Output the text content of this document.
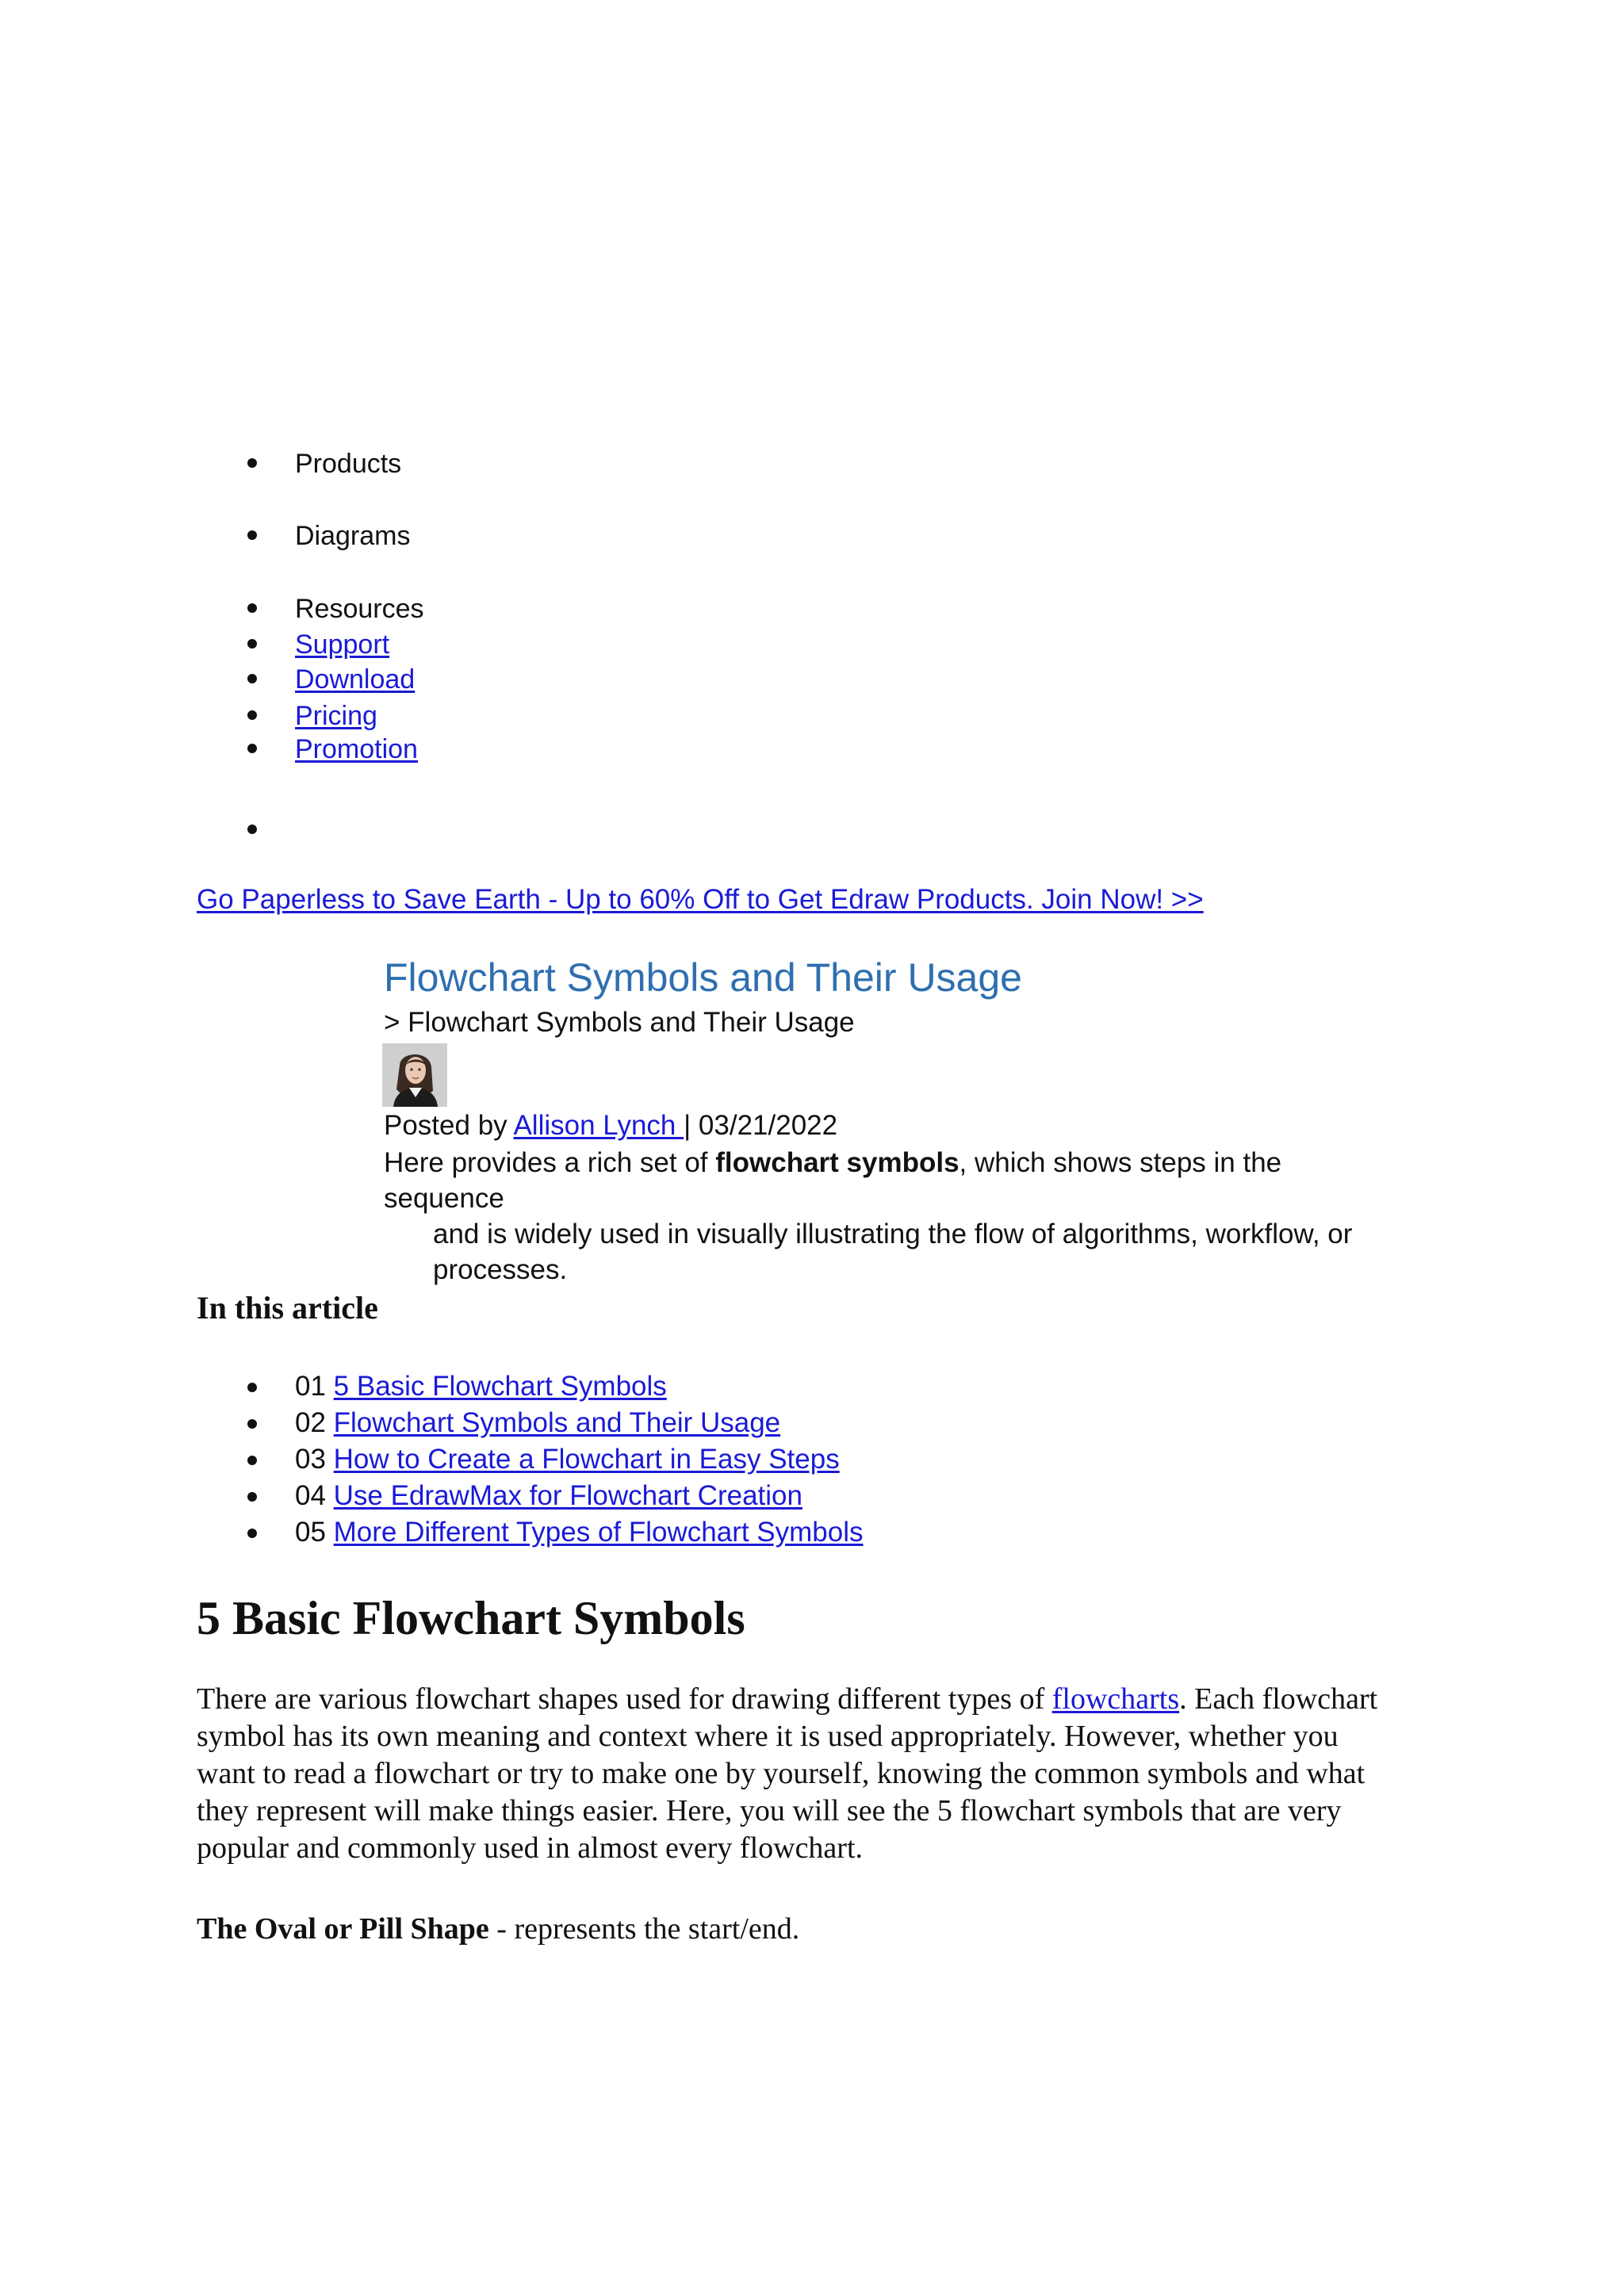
Products
Diagrams
Resources
Support
Download
Pricing
Promotion
Go Paperless to Save Earth - Up to 60% Off to Get Edraw Products. Join Now! >>
Flowchart Symbols and Their Usage
> Flowchart Symbols and Their Usage
Posted by Allison Lynch | 03/21/2022
Here provides a rich set of flowchart symbols, which shows steps in the sequence
and is widely used in visually illustrating the flow of algorithms, workflow, or
processes.
In this article
01 5 Basic Flowchart Symbols
02 Flowchart Symbols and Their Usage
03 How to Create a Flowchart in Easy Steps
04 Use EdrawMax for Flowchart Creation
05 More Different Types of Flowchart Symbols
5 Basic Flowchart Symbols

There are various flowchart shapes used for drawing different types of flowcharts. Each flowchart symbol has its own meaning and context where it is used appropriately. However, whether you want to read a flowchart or try to make one by yourself, knowing the common symbols and what they represent will make things easier. Here, you will see the 5 flowchart symbols that are very popular and commonly used in almost every flowchart.

The Oval or Pill Shape - represents the start/end.
